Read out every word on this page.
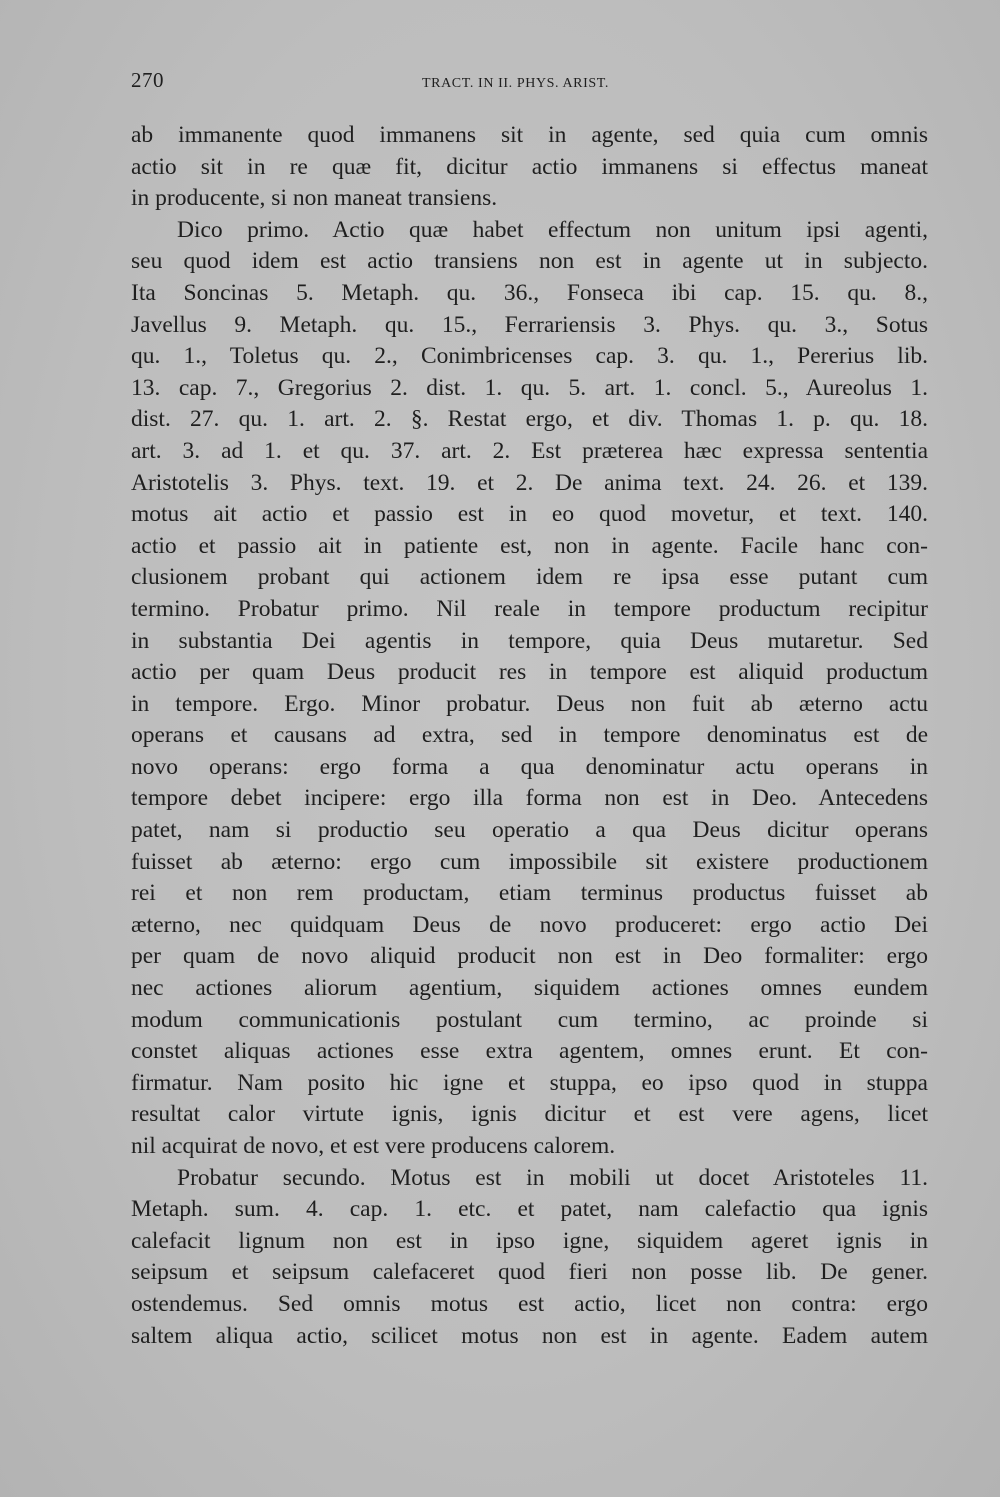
270	TRACT. IN II. PHYS. ARIST.
ab immanente quod immanens sit in agente, sed quia cum omnis
actio sit in re quæ fit, dicitur actio immanens si effectus maneat
in producente, si non maneat transiens.
Dico primo. Actio quæ habet effectum non unitum ipsi agenti,
seu quod idem est actio transiens non est in agente ut in subjecto.
Ita Soncinas 5. Metaph. qu. 36., Fonseca ibi cap. 15. qu. 8.,
Javellus 9. Metaph. qu. 15., Ferrariensis 3. Phys. qu. 3., Sotus
qu. 1., Toletus qu. 2., Conimbricenses cap. 3. qu. 1., Pererius lib.
13. cap. 7., Gregorius 2. dist. 1. qu. 5. art. 1. concl. 5., Aureolus 1.
dist. 27. qu. 1. art. 2. §. Restat ergo, et div. Thomas 1. p. qu. 18.
art. 3. ad 1. et qu. 37. art. 2. Est præterea hæc expressa sententia
Aristotelis 3. Phys. text. 19. et 2. De anima text. 24. 26. et 139.
motus ait actio et passio est in eo quod movetur, et text. 140.
actio et passio ait in patiente est, non in agente. Facile hanc con-
clusionem probant qui actionem idem re ipsa esse putant cum
termino. Probatur primo. Nil reale in tempore productum recipitur
in substantia Dei agentis in tempore, quia Deus mutaretur. Sed
actio per quam Deus producit res in tempore est aliquid productum
in tempore. Ergo. Minor probatur. Deus non fuit ab æterno actu
operans et causans ad extra, sed in tempore denominatus est de
novo operans: ergo forma a qua denominatur actu operans in
tempore debet incipere: ergo illa forma non est in Deo. Antecedens
patet, nam si productio seu operatio a qua Deus dicitur operans
fuisset ab æterno: ergo cum impossibile sit existere productionem
rei et non rem productam, etiam terminus productus fuisset ab
æterno, nec quidquam Deus de novo produceret: ergo actio Dei
per quam de novo aliquid producit non est in Deo formaliter: ergo
nec actiones aliorum agentium, siquidem actiones omnes eundem
modum communicationis postulant cum termino, ac proinde si
constet aliquas actiones esse extra agentem, omnes erunt. Et con-
firmatur. Nam posito hic igne et stuppa, eo ipso quod in stuppa
resultat calor virtute ignis, ignis dicitur et est vere agens, licet
nil acquirat de novo, et est vere producens calorem.
Probatur secundo. Motus est in mobili ut docet Aristoteles 11.
Metaph. sum. 4. cap. 1. etc. et patet, nam calefactio qua ignis
calefacit lignum non est in ipso igne, siquidem ageret ignis in
seipsum et seipsum calefaceret quod fieri non posse lib. De gener.
ostendemus. Sed omnis motus est actio, licet non contra: ergo
saltem aliqua actio, scilicet motus non est in agente. Eadem autem
